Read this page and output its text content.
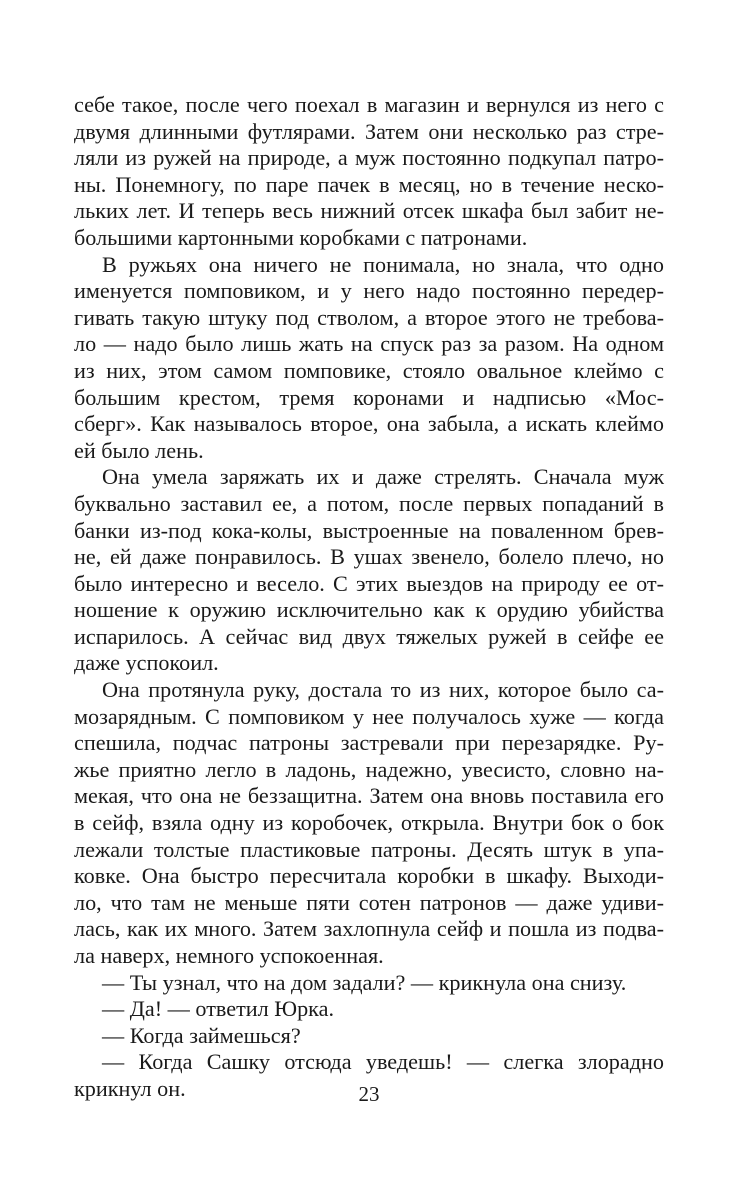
себе такое, после чего поехал в магазин и вернулся из него с
двумя длинными футлярами. Затем они несколько раз стре-
ляли из ружей на природе, а муж постоянно подкупал патро-
ны. Понемногу, по паре пачек в месяц, но в течение неско-
льких лет. И теперь весь нижний отсек шкафа был забит не-
большими картонными коробками с патронами.

В ружьях она ничего не понимала, но знала, что одно
именуется помповиком, и у него надо постоянно передер-
гивать такую штуку под стволом, а второе этого не требова-
ло — надо было лишь жать на спуск раз за разом. На одном
из них, этом самом помповике, стояло овальное клеймо с
большим крестом, тремя коронами и надписью «Мос-
сберг». Как называлось второе, она забыла, а искать клеймо
ей было лень.

Она умела заряжать их и даже стрелять. Сначала муж
буквально заставил ее, а потом, после первых попаданий в
банки из-под кока-колы, выстроенные на поваленном брев-
не, ей даже понравилось. В ушах звенело, болело плечо, но
было интересно и весело. С этих выездов на природу ее от-
ношение к оружию исключительно как к орудию убийства
испарилось. А сейчас вид двух тяжелых ружей в сейфе ее
даже успокоил.

Она протянула руку, достала то из них, которое было са-
мозарядным. С помповиком у нее получалось хуже — когда
спешила, подчас патроны застревали при перезарядке. Ру-
жье приятно легло в ладонь, надежно, увесисто, словно на-
мекая, что она не беззащитна. Затем она вновь поставила его
в сейф, взяла одну из коробочек, открыла. Внутри бок о бок
лежали толстые пластиковые патроны. Десять штук в упа-
ковке. Она быстро пересчитала коробки в шкафу. Выходи-
ло, что там не меньше пяти сотен патронов — даже удиви-
лась, как их много. Затем захлопнула сейф и пошла из подва-
ла наверх, немного успокоенная.

— Ты узнал, что на дом задали? — крикнула она снизу.

— Да! — ответил Юрка.

— Когда займешься?

— Когда Сашку отсюда уведешь! — слегка злорадно
крикнул он.	23
